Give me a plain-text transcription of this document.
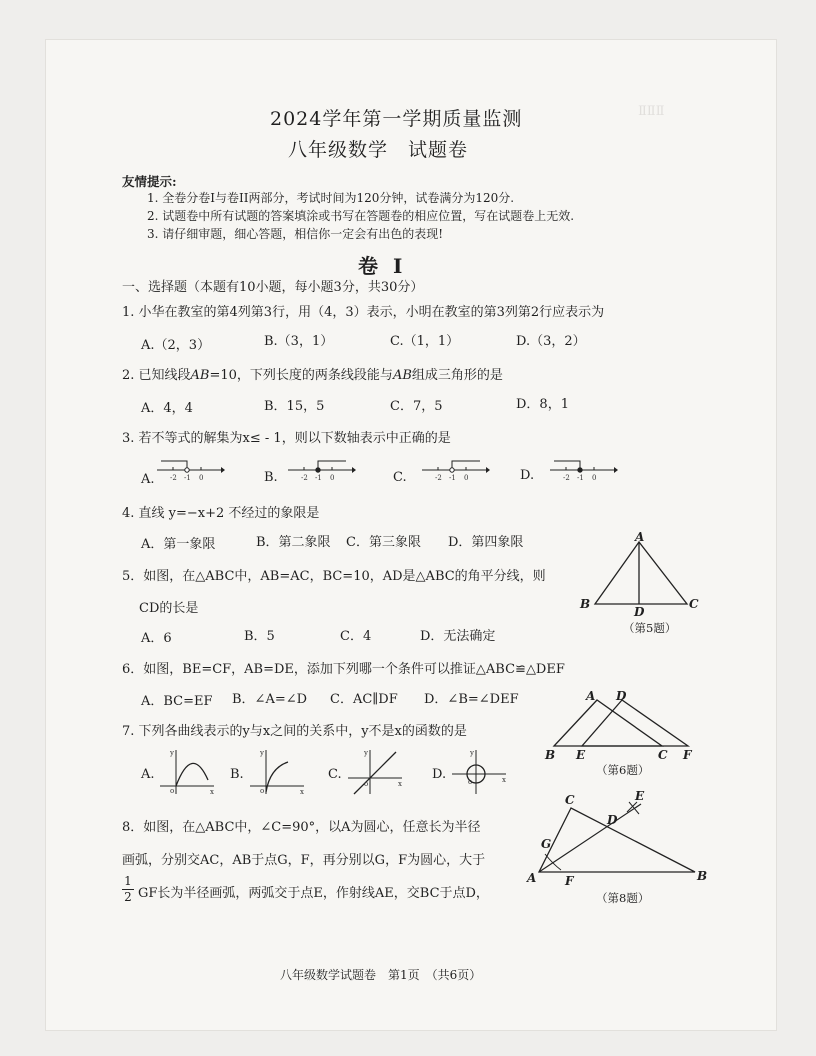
ⅡⅡⅡ　　　　　　
2024学年第一学期质量监测
八年级数学　试题卷
友情提示:
1. 全卷分卷I与卷II两部分，考试时间为120分钟，试卷满分为120分.
2. 试题卷中所有试题的答案填涂或书写在答题卷的相应位置，写在试题卷上无效.
3. 请仔细审题，细心答题，相信你一定会有出色的表现!
卷 I
一、选择题（本题有10小题，每小题3分，共30分）
1. 小华在教室的第4列第3行，用（4，3）表示，小明在教室的第3列第2行应表示为
A.（2，3）	B.（3，1）	C.（1，1）	D.（3，2）
2. 已知线段AB=10，下列长度的两条线段能与AB组成三角形的是
A．4，4	B．15，5	C．7，5	D．8，1
3. 若不等式的解集为x≤ - 1，则以下数轴表示中正确的是
A.	B.	C.	D.
-2 -1 0	-2 -1 0	-2 -1 0	-2 -1 0
4. 直线 y=−x+2 不经过的象限是
A．第一象限	B．第二象限 C．第三象限 D．第四象限
5．如图，在△ABC中，AB=AC，BC=10，AD是△ABC的角平分线，则
CD的长是
A．6	B．5	C．4	D．无法确定
A
B
D
C
（第5题）
6．如图，BE=CF，AB=DE，添加下列哪一个条件可以推证△ABC≌△DEF
A．BC=EF B．∠A=∠D C．AC∥DF D．∠B=∠DEF	A D
B E	C F
（第6题）
7. 下列各曲线表示的y与x之间的关系中，y不是x的函数的是
A.	B.	C.	D.
y
x
o
y
x
o
y
x
o
y
x
o
8．如图，在△ABC中，∠C=90°，以A为圆心，任意长为半径
画弧，分别交AC，AB于点G，F，再分别以G，F为圆心，大于
$\frac{1}{2}$ GF长为半径画弧，两弧交于点E，作射线AE，交BC于点D，
C	E
D
G
A F	B
（第8题）
八年级数学试题卷　第1页　（共6页）
